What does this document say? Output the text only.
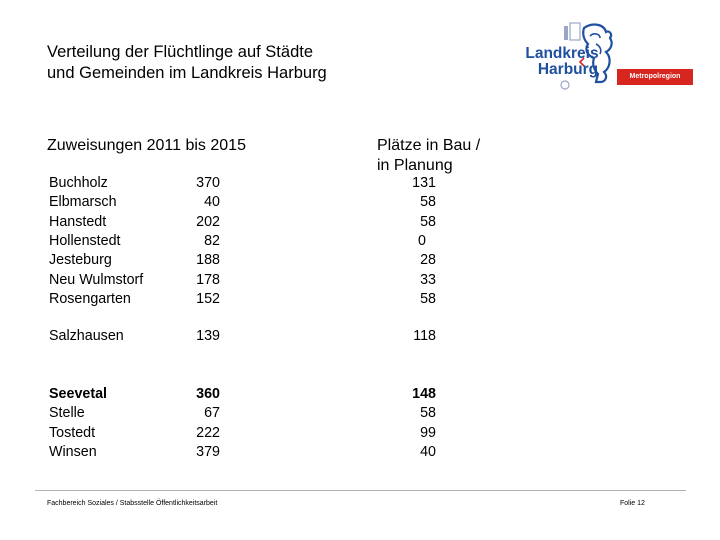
Verteilung der Flüchtlinge auf Städte
und Gemeinden im Landkreis Harburg
Landkreis
Harburg	Metropolregion Hamburg
Zuweisungen 2011 bis 2015	Plätze in Bau /
in Planung
Buchholz	370	131
Elbmarsch	40	58
Hanstedt	202	58
Hollenstedt	82	0
Jesteburg	188	28
Neu Wulmstorf	178	33
Rosengarten	152	58
Salzhausen	139	118
Seevetal	360	148
Stelle	67	58
Tostedt	222	99
Winsen	379	40
Fachbereich Soziales / Stabsstelle Öffentlichkeitsarbeit	Folie 12
